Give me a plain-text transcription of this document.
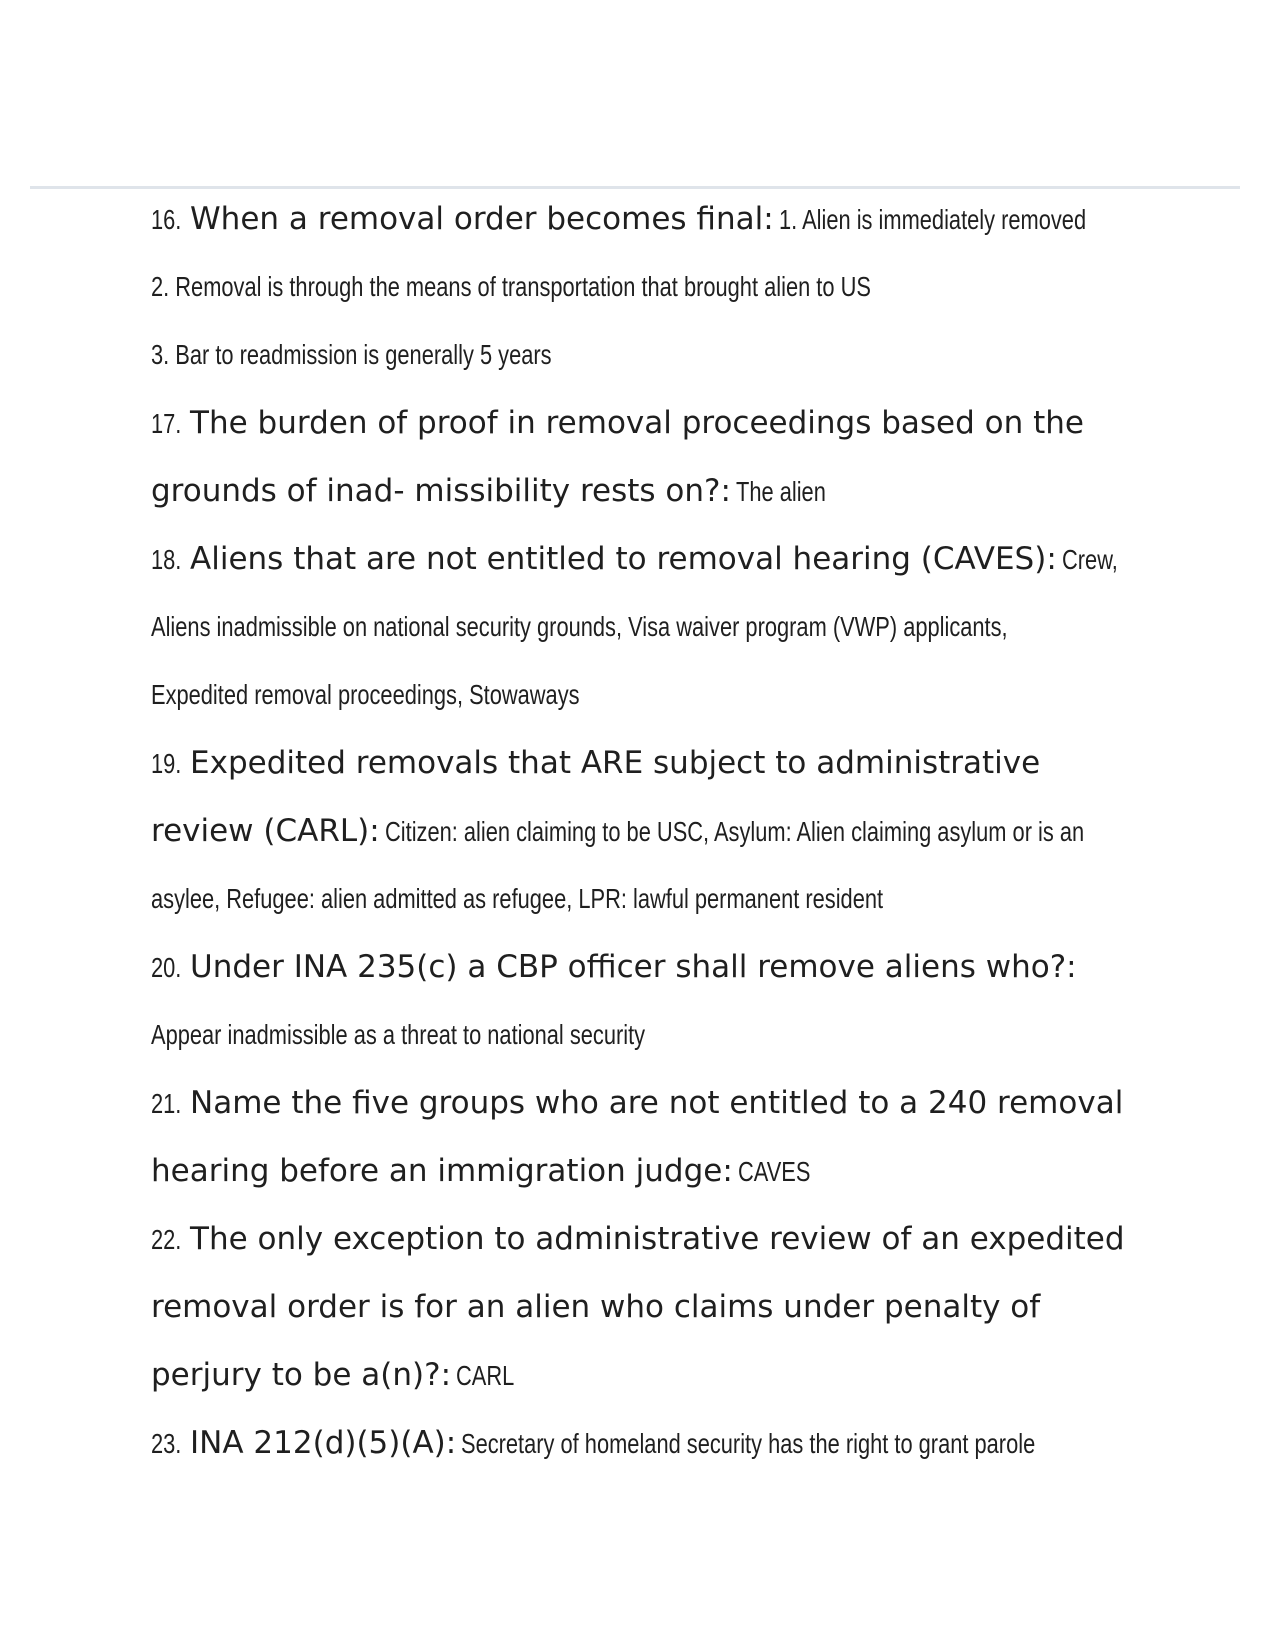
16. When a removal order becomes final: 1. Alien is immediately removed
2. Removal is through the means of transportation that brought alien to US
3. Bar to readmission is generally 5 years
17. The burden of proof in removal proceedings based on the
grounds of inad- missibility rests on?: The alien
18. Aliens that are not entitled to removal hearing (CAVES): Crew,
Aliens inadmissible on national security grounds, Visa waiver program (VWP) applicants,
Expedited removal proceedings, Stowaways
19. Expedited removals that ARE subject to administrative
review (CARL): Citizen: alien claiming to be USC, Asylum: Alien claiming asylum or is an
asylee, Refugee: alien admitted as refugee, LPR: lawful permanent resident
20. Under INA 235(c) a CBP officer shall remove aliens who?:
Appear inadmissible as a threat to national security
21. Name the five groups who are not entitled to a 240 removal
hearing before an immigration judge: CAVES
22. The only exception to administrative review of an expedited
removal order is for an alien who claims under penalty of
perjury to be a(n)?: CARL
23. INA 212(d)(5)(A): Secretary of homeland security has the right to grant parole
